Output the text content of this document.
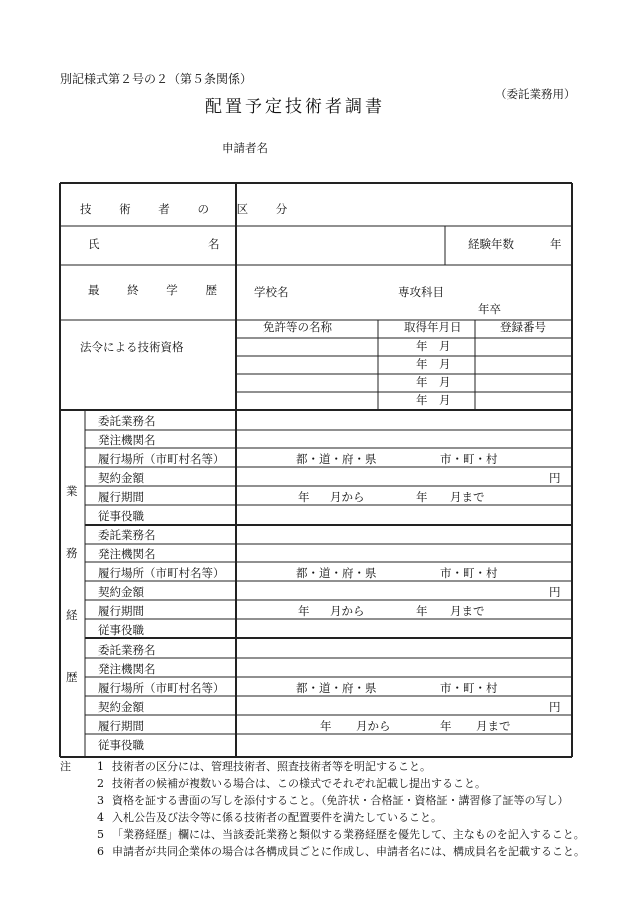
別記様式第２号の２（第５条関係）
配置予定技術者調書
（委託業務用）
申請者名
技 術 者 の 区 分
氏	名	経験年数	年
最 終 学 歴 学校名	専攻科目
年卒
法令による技術資格
免許等の名称	取得年月日	登録番号
年　月
年　月
年　月
年　月
業
務
経
歴
委託業務名
発注機関名
履行場所（市町村名等）	都・道・府・県	市・町・村
契約金額	円
履行期間	年 月から	年 月まで
従事役職
委託業務名
発注機関名
履行場所（市町村名等）	都・道・府・県	市・町・村
契約金額	円
履行期間	年 月から	年 月まで
従事役職
委託業務名
発注機関名
履行場所（市町村名等）	都・道・府・県	市・町・村
契約金額	円
履行期間	年 月から	年 月まで
従事役職
注	1 技術者の区分には、管理技術者、照査技術者等を明記すること。
2 技術者の候補が複数いる場合は、この様式でそれぞれ記載し提出すること。
3 資格を証する書面の写しを添付すること。（免許状・合格証・資格証・講習修了証等の写し）
4 入札公告及び法令等に係る技術者の配置要件を満たしていること。
5 「業務経歴」欄には、当該委託業務と類似する業務経歴を優先して、主なものを記入すること。
6 申請者が共同企業体の場合は各構成員ごとに作成し、申請者名には、構成員名を記載すること。
